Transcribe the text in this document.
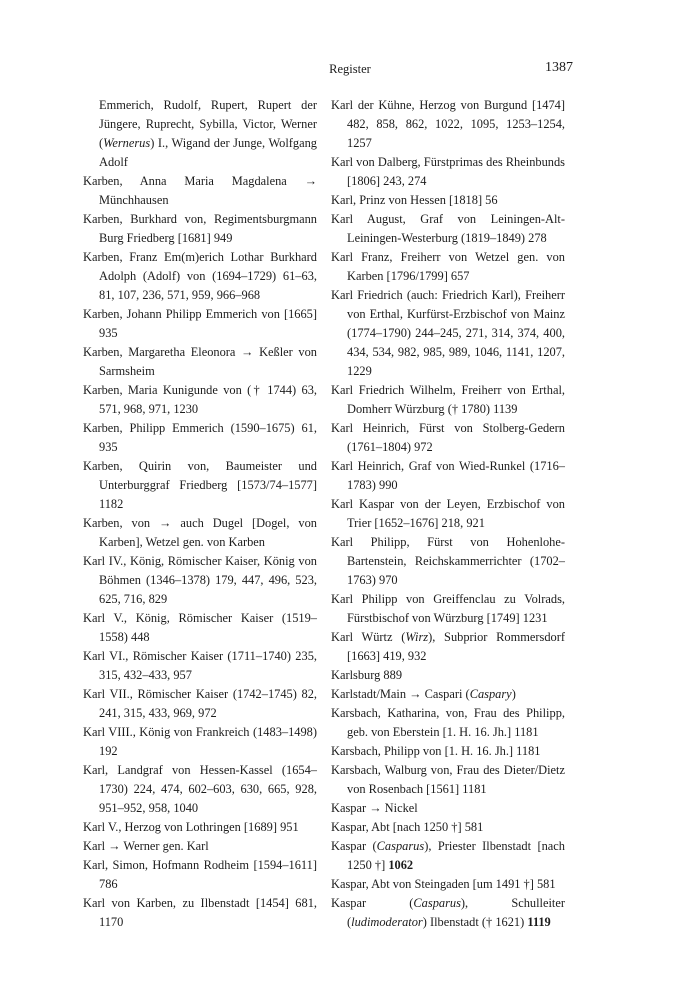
Register	1387

Emmerich, Rudolf, Rupert, Rupert der Jüngere, Ruprecht, Sybilla, Victor, Werner (Wernerus) I., Wigand der Junge, Wolfgang Adolf

Karben, Anna Maria Magdalena → Münchhausen

Karben, Burkhard von, Regimentsburgmann Burg Friedberg [1681] 949

Karben, Franz Em(m)erich Lothar Burkhard Adolph (Adolf) von (1694–1729) 61–63, 81, 107, 236, 571, 959, 966–968

Karben, Johann Philipp Emmerich von [1665] 935

Karben, Margaretha Eleonora → Keßler von Sarmsheim

Karben, Maria Kunigunde von († 1744) 63, 571, 968, 971, 1230

Karben, Philipp Emmerich (1590–1675) 61, 935

Karben, Quirin von, Baumeister und Unterburggraf Friedberg [1573/74–1577] 1182

Karben, von → auch Dugel [Dogel, von Karben], Wetzel gen. von Karben

Karl IV., König, Römischer Kaiser, König von Böhmen (1346–1378) 179, 447, 496, 523, 625, 716, 829

Karl V., König, Römischer Kaiser (1519–1558) 448

Karl VI., Römischer Kaiser (1711–1740) 235, 315, 432–433, 957

Karl VII., Römischer Kaiser (1742–1745) 82, 241, 315, 433, 969, 972

Karl VIII., König von Frankreich (1483–1498) 192

Karl, Landgraf von Hessen-Kassel (1654–1730) 224, 474, 602–603, 630, 665, 928, 951–952, 958, 1040

Karl V., Herzog von Lothringen [1689] 951

Karl → Werner gen. Karl

Karl, Simon, Hofmann Rodheim [1594–1611] 786

Karl von Karben, zu Ilbenstadt [1454] 681, 1170

Karl der Kühne, Herzog von Burgund [1474] 482, 858, 862, 1022, 1095, 1253–1254, 1257

Karl von Dalberg, Fürstprimas des Rheinbunds [1806] 243, 274

Karl, Prinz von Hessen [1818] 56

Karl August, Graf von Leiningen-Alt-Leiningen-Westerburg (1819–1849) 278

Karl Franz, Freiherr von Wetzel gen. von Karben [1796/1799] 657

Karl Friedrich (auch: Friedrich Karl), Freiherr von Erthal, Kurfürst-Erzbischof von Mainz (1774–1790) 244–245, 271, 314, 374, 400, 434, 534, 982, 985, 989, 1046, 1141, 1207, 1229

Karl Friedrich Wilhelm, Freiherr von Erthal, Domherr Würzburg († 1780) 1139

Karl Heinrich, Fürst von Stolberg-Gedern (1761–1804) 972

Karl Heinrich, Graf von Wied-Runkel (1716–1783) 990

Karl Kaspar von der Leyen, Erzbischof von Trier [1652–1676] 218, 921

Karl Philipp, Fürst von Hohenlohe-Bartenstein, Reichskammerrichter (1702–1763) 970

Karl Philipp von Greiffenclau zu Volrads, Fürstbischof von Würzburg [1749] 1231

Karl Würtz (Wirz), Subprior Rommersdorf [1663] 419, 932

Karlsburg 889

Karlstadt/Main → Caspari (Caspary)

Karsbach, Katharina, von, Frau des Philipp, geb. von Eberstein [1. H. 16. Jh.] 1181

Karsbach, Philipp von [1. H. 16. Jh.] 1181

Karsbach, Walburg von, Frau des Dieter/Dietz von Rosenbach [1561] 1181

Kaspar → Nickel

Kaspar, Abt [nach 1250 †] 581

Kaspar (Casparus), Priester Ilbenstadt [nach 1250 †] 1062

Kaspar, Abt von Steingaden [um 1491 †] 581

Kaspar (Casparus), Schulleiter (ludimoderator) Ilbenstadt († 1621) 1119
